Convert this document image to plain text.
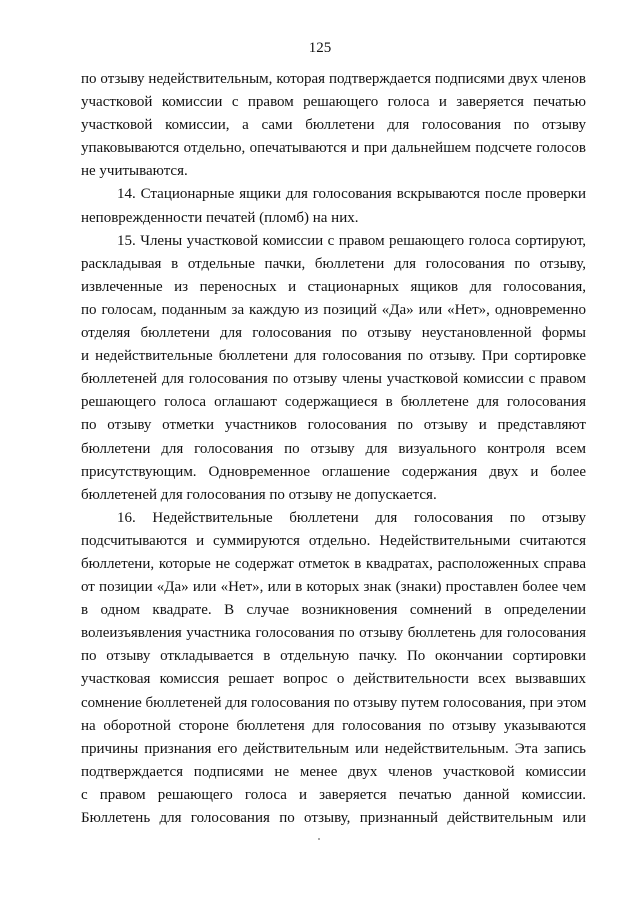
125

по отзыву недействительным, которая подтверждается подписями двух членов
участковой комиссии с правом решающего голоса и заверяется печатью
участковой комиссии, а сами бюллетени для голосования по отзыву
упаковываются отдельно, опечатываются и при дальнейшем подсчете голосов
не учитываются.

14. Стационарные ящики для голосования вскрываются после проверки
неповрежденности печатей (пломб) на них.

15. Члены участковой комиссии с правом решающего голоса сортируют,
раскладывая в отдельные пачки, бюллетени для голосования по отзыву,
извлеченные из переносных и стационарных ящиков для голосования,
по голосам, поданным за каждую из позиций «Да» или «Нет», одновременно
отделяя бюллетени для голосования по отзыву неустановленной формы
и недействительные бюллетени для голосования по отзыву. При сортировке
бюллетеней для голосования по отзыву члены участковой комиссии с правом
решающего голоса оглашают содержащиеся в бюллетене для голосования
по отзыву отметки участников голосования по отзыву и представляют
бюллетени для голосования по отзыву для визуального контроля всем
присутствующим. Одновременное оглашение содержания двух и более
бюллетеней для голосования по отзыву не допускается.

16. Недействительные бюллетени для голосования по отзыву
подсчитываются и суммируются отдельно. Недействительными считаются
бюллетени, которые не содержат отметок в квадратах, расположенных справа
от позиции «Да» или «Нет», или в которых знак (знаки) проставлен более чем
в одном квадрате. В случае возникновения сомнений в определении
волеизъявления участника голосования по отзыву бюллетень для голосования
по отзыву откладывается в отдельную пачку. По окончании сортировки
участковая комиссия решает вопрос о действительности всех вызвавших
сомнение бюллетеней для голосования по отзыву путем голосования, при этом
на оборотной стороне бюллетеня для голосования по отзыву указываются
причины признания его действительным или недействительным. Эта запись
подтверждается подписями не менее двух членов участковой комиссии
с правом решающего голоса и заверяется печатью данной комиссии.
Бюллетень для голосования по отзыву, признанный действительным или
